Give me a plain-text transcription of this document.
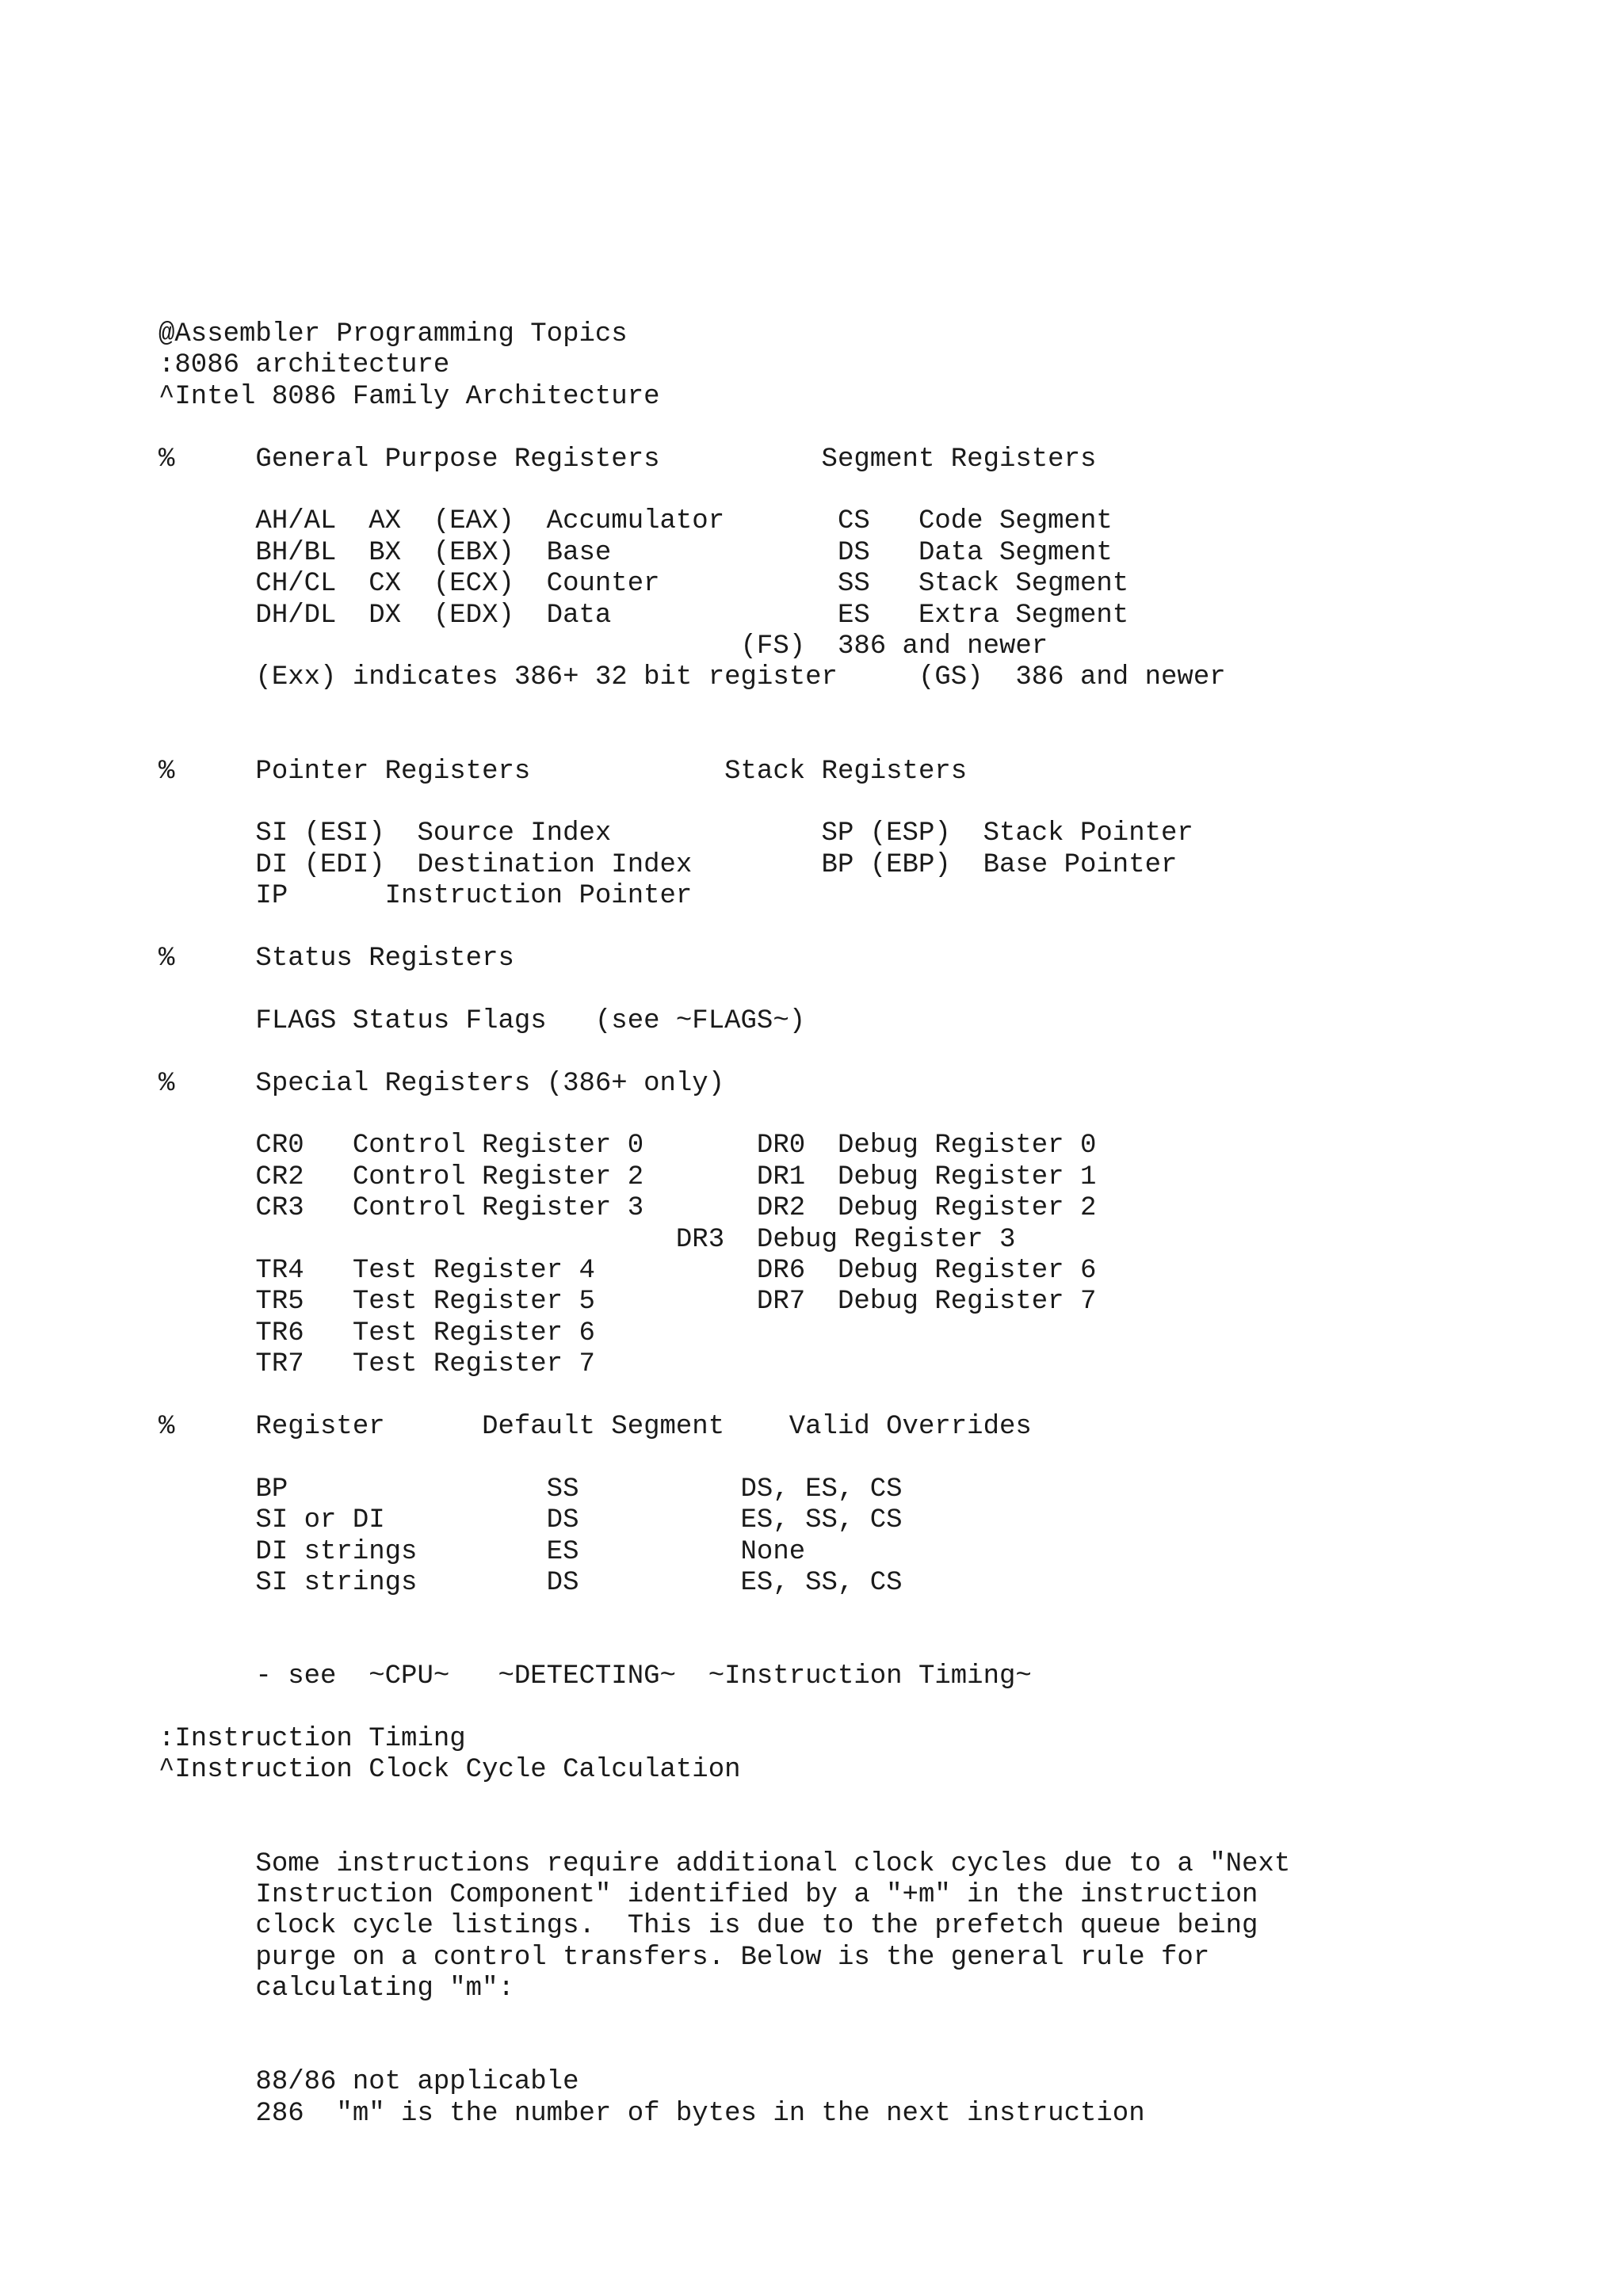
@Assembler Programming Topics
:8086 architecture
^Intel 8086 Family Architecture
%     General Purpose Registers          Segment Registers
AH/AL  AX  (EAX)  Accumulator       CS   Code Segment
BH/BL  BX  (EBX)  Base              DS   Data Segment
CH/CL  CX  (ECX)  Counter           SS   Stack Segment
DH/DL  DX  (EDX)  Data              ES   Extra Segment
(FS)  386 and newer
(Exx) indicates 386+ 32 bit register     (GS)  386 and newer
%     Pointer Registers            Stack Registers
SI (ESI)  Source Index             SP (ESP)  Stack Pointer
DI (EDI)  Destination Index        BP (EBP)  Base Pointer
IP      Instruction Pointer
%     Status Registers
FLAGS Status Flags   (see ~FLAGS~)
%     Special Registers (386+ only)
CR0   Control Register 0       DR0  Debug Register 0
CR2   Control Register 2       DR1  Debug Register 1
CR3   Control Register 3       DR2  Debug Register 2
DR3  Debug Register 3
TR4   Test Register 4          DR6  Debug Register 6
TR5   Test Register 5          DR7  Debug Register 7
TR6   Test Register 6
TR7   Test Register 7
%     Register      Default Segment    Valid Overrides
BP                SS          DS, ES, CS
SI or DI          DS          ES, SS, CS
DI strings        ES          None
SI strings        DS          ES, SS, CS
- see  ~CPU~   ~DETECTING~  ~Instruction Timing~
:Instruction Timing
^Instruction Clock Cycle Calculation
Some instructions require additional clock cycles due to a "Next
Instruction Component" identified by a "+m" in the instruction
clock cycle listings.  This is due to the prefetch queue being
purge on a control transfers. Below is the general rule for
calculating "m":
88/86 not applicable
286  "m" is the number of bytes in the next instruction
